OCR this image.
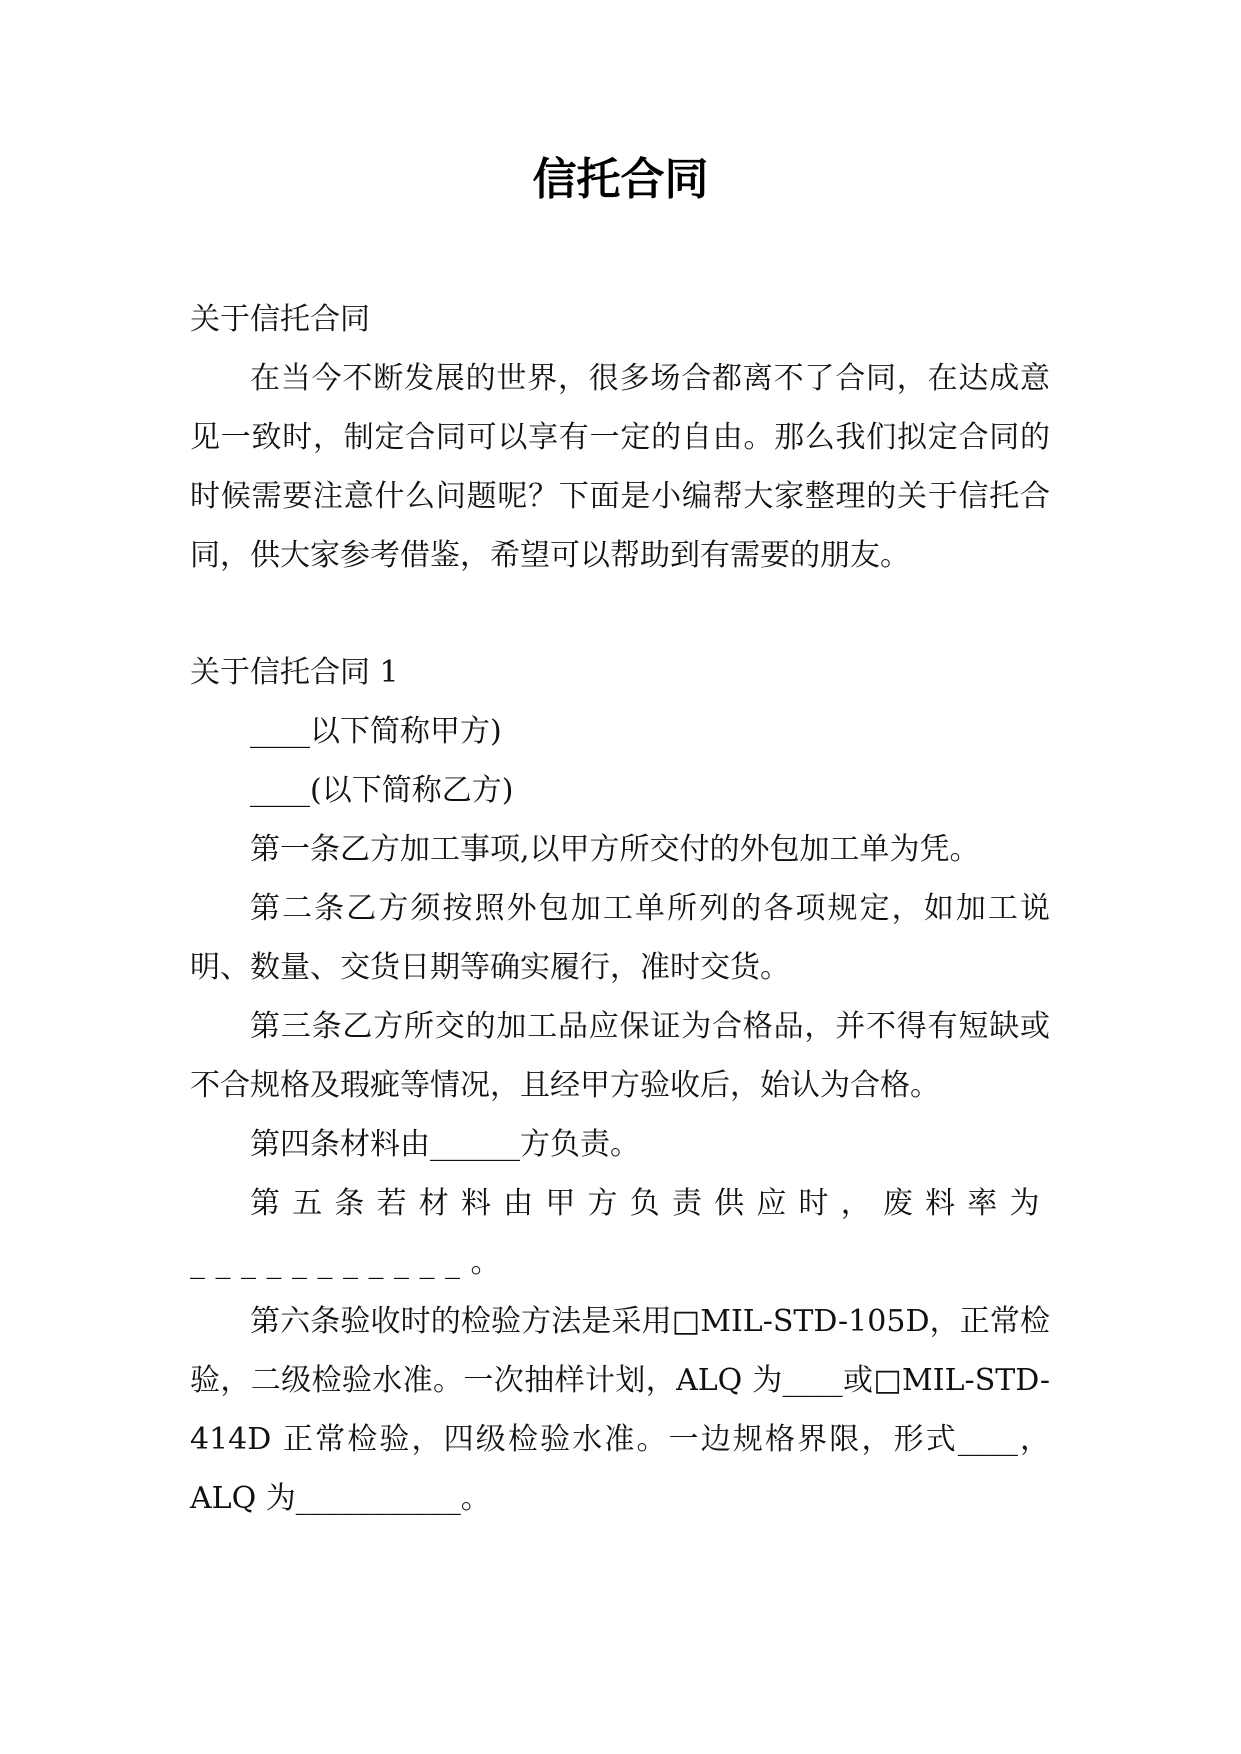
信托合同

关于信托合同

在当今不断发展的世界，很多场合都离不了合同，在达成意见一致时，制定合同可以享有一定的自由。那么我们拟定合同的时候需要注意什么问题呢？下面是小编帮大家整理的关于信托合同，供大家参考借鉴，希望可以帮助到有需要的朋友。

关于信托合同 1

____以下简称甲方)

____(以下简称乙方)

第一条乙方加工事项,以甲方所交付的外包加工单为凭。

第二条乙方须按照外包加工单所列的各项规定，如加工说明、数量、交货日期等确实履行，准时交货。

第三条乙方所交的加工品应保证为合格品，并不得有短缺或不合规格及瑕疵等情况，且经甲方验收后，始认为合格。

第四条材料由______方负责。

第五条若材料由甲方负责供应时，废料率为___________。

第六条验收时的检验方法是采用□MIL-STD-105D，正常检验，二级检验水准。一次抽样计划，ALQ 为____或□MIL-STD-414D 正常检验，四级检验水准。一边规格界限，形式____，ALQ 为___________。
